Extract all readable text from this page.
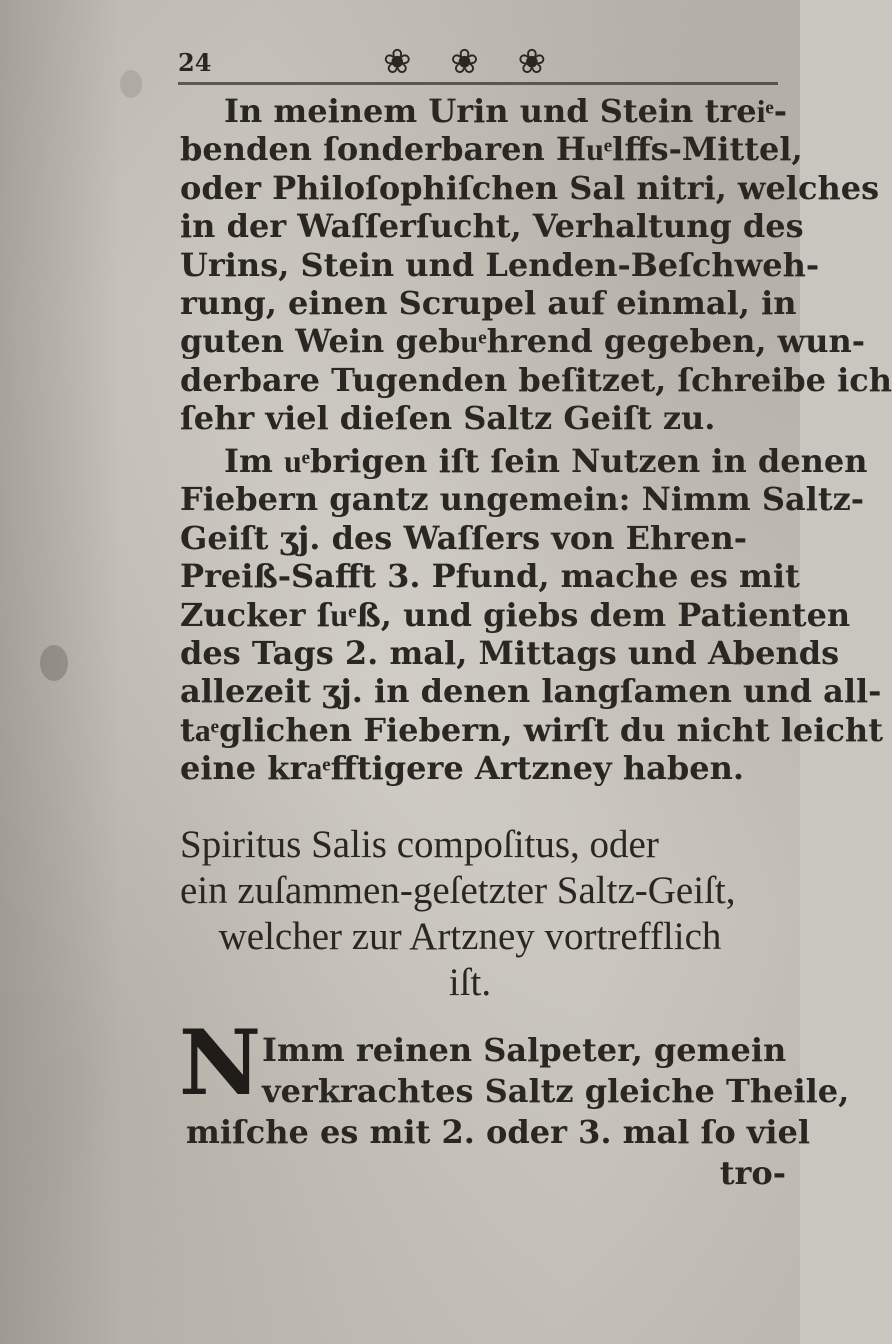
24	❀ ❀ ❀
In meinem Urin und Stein treiͤ-
benden ſonderbaren Huͤlffs-Mittel,
oder Philoſophiſchen Sal nitri, welches
in der Waſſerſucht, Verhaltung des
Urins, Stein und Lenden-Beſchweh-
rung, einen Scrupel auf einmal, in
guten Wein gebuͤhrend gegeben, wun-
derbare Tugenden beſitzet, ſchreibe ich
ſehr viel dieſen Saltz Geiſt zu.
Im uͤbrigen iſt ſein Nutzen in denen
Fiebern gantz ungemein: Nimm Saltz-
Geiſt ʒj. des Waſſers von Ehren-
Preiß-Safft 3. Pfund, mache es mit
Zucker ſuͤß, und giebs dem Patienten
des Tags 2. mal, Mittags und Abends
allezeit ʒj. in denen langſamen und all-
taͤglichen Fiebern, wirſt du nicht leicht
eine kraͤfftigere Artzney haben.
Spiritus Salis compoſitus, oder
ein zuſammen-geſetzter Saltz-Geiſt,
welcher zur Artzney vortrefflich
iſt.
N Imm reinen Salpeter, gemein
verkrachtes Saltz gleiche Theile,
miſche es mit 2. oder 3. mal ſo viel
tro-
